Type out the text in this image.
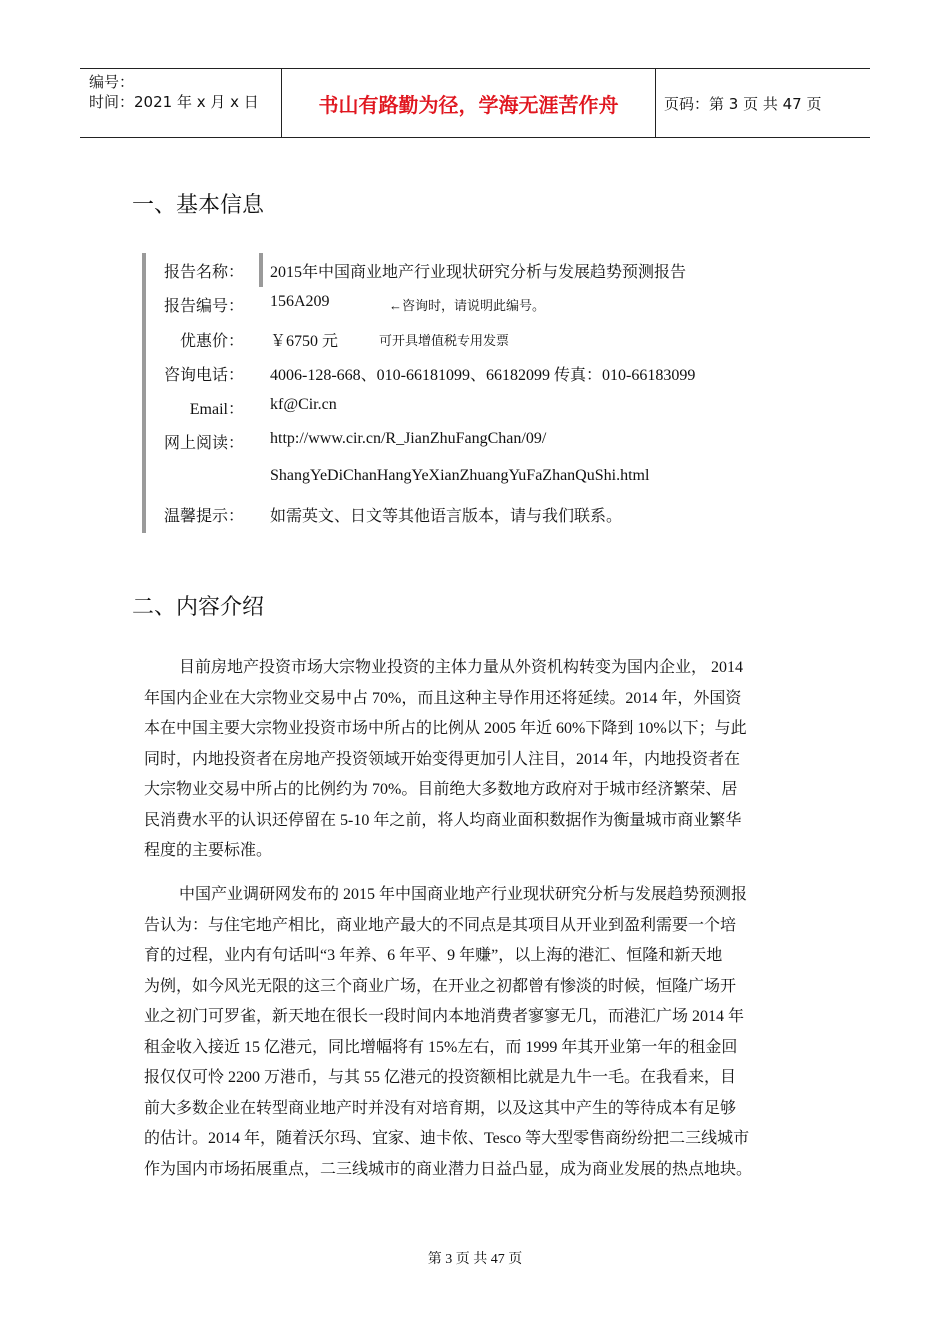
编号：
时间：2021 年 x 月 x 日	书山有路勤为径，学海无涯苦作舟	页码：第 3 页 共 47 页
一、基本信息
报告名称： 2015年中国商业地产行业现状研究分析与发展趋势预测报告
报告编号： 156A209	←咨询时，请说明此编号。
优惠价： ￥6750 元	可开具增值税专用发票
咨询电话： 4006-128-668、010-66181099、66182099 传真：010-66183099
Email： kf@Cir.cn
网上阅读： http://www.cir.cn/R_JianZhuFangChan/09/
ShangYeDiChanHangYeXianZhuangYuFaZhanQuShi.html
温馨提示： 如需英文、日文等其他语言版本，请与我们联系。
二、内容介绍
目前房地产投资市场大宗物业投资的主体力量从外资机构转变为国内企业， 2014
年国内企业在大宗物业交易中占 70%，而且这种主导作用还将延续。2014 年，外国资
本在中国主要大宗物业投资市场中所占的比例从 2005 年近 60%下降到 10%以下；与此
同时，内地投资者在房地产投资领域开始变得更加引人注目，2014 年，内地投资者在
大宗物业交易中所占的比例约为 70%。目前绝大多数地方政府对于城市经济繁荣、居
民消费水平的认识还停留在 5-10 年之前，将人均商业面积数据作为衡量城市商业繁华
程度的主要标准。
中国产业调研网发布的 2015 年中国商业地产行业现状研究分析与发展趋势预测报
告认为：与住宅地产相比，商业地产最大的不同点是其项目从开业到盈利需要一个培
育的过程，业内有句话叫“3 年养、6 年平、9 年赚”，以上海的港汇、恒隆和新天地
为例，如今风光无限的这三个商业广场，在开业之初都曾有惨淡的时候，恒隆广场开
业之初门可罗雀，新天地在很长一段时间内本地消费者寥寥无几，而港汇广场 2014 年
租金收入接近 15 亿港元，同比增幅将有 15%左右，而 1999 年其开业第一年的租金回
报仅仅可怜 2200 万港币，与其 55 亿港元的投资额相比就是九牛一毛。在我看来，目
前大多数企业在转型商业地产时并没有对培育期，以及这其中产生的等待成本有足够
的估计。2014 年，随着沃尔玛、宜家、迪卡侬、Tesco 等大型零售商纷纷把二三线城市
作为国内市场拓展重点，二三线城市的商业潜力日益凸显，成为商业发展的热点地块。
第 3 页 共 47 页
